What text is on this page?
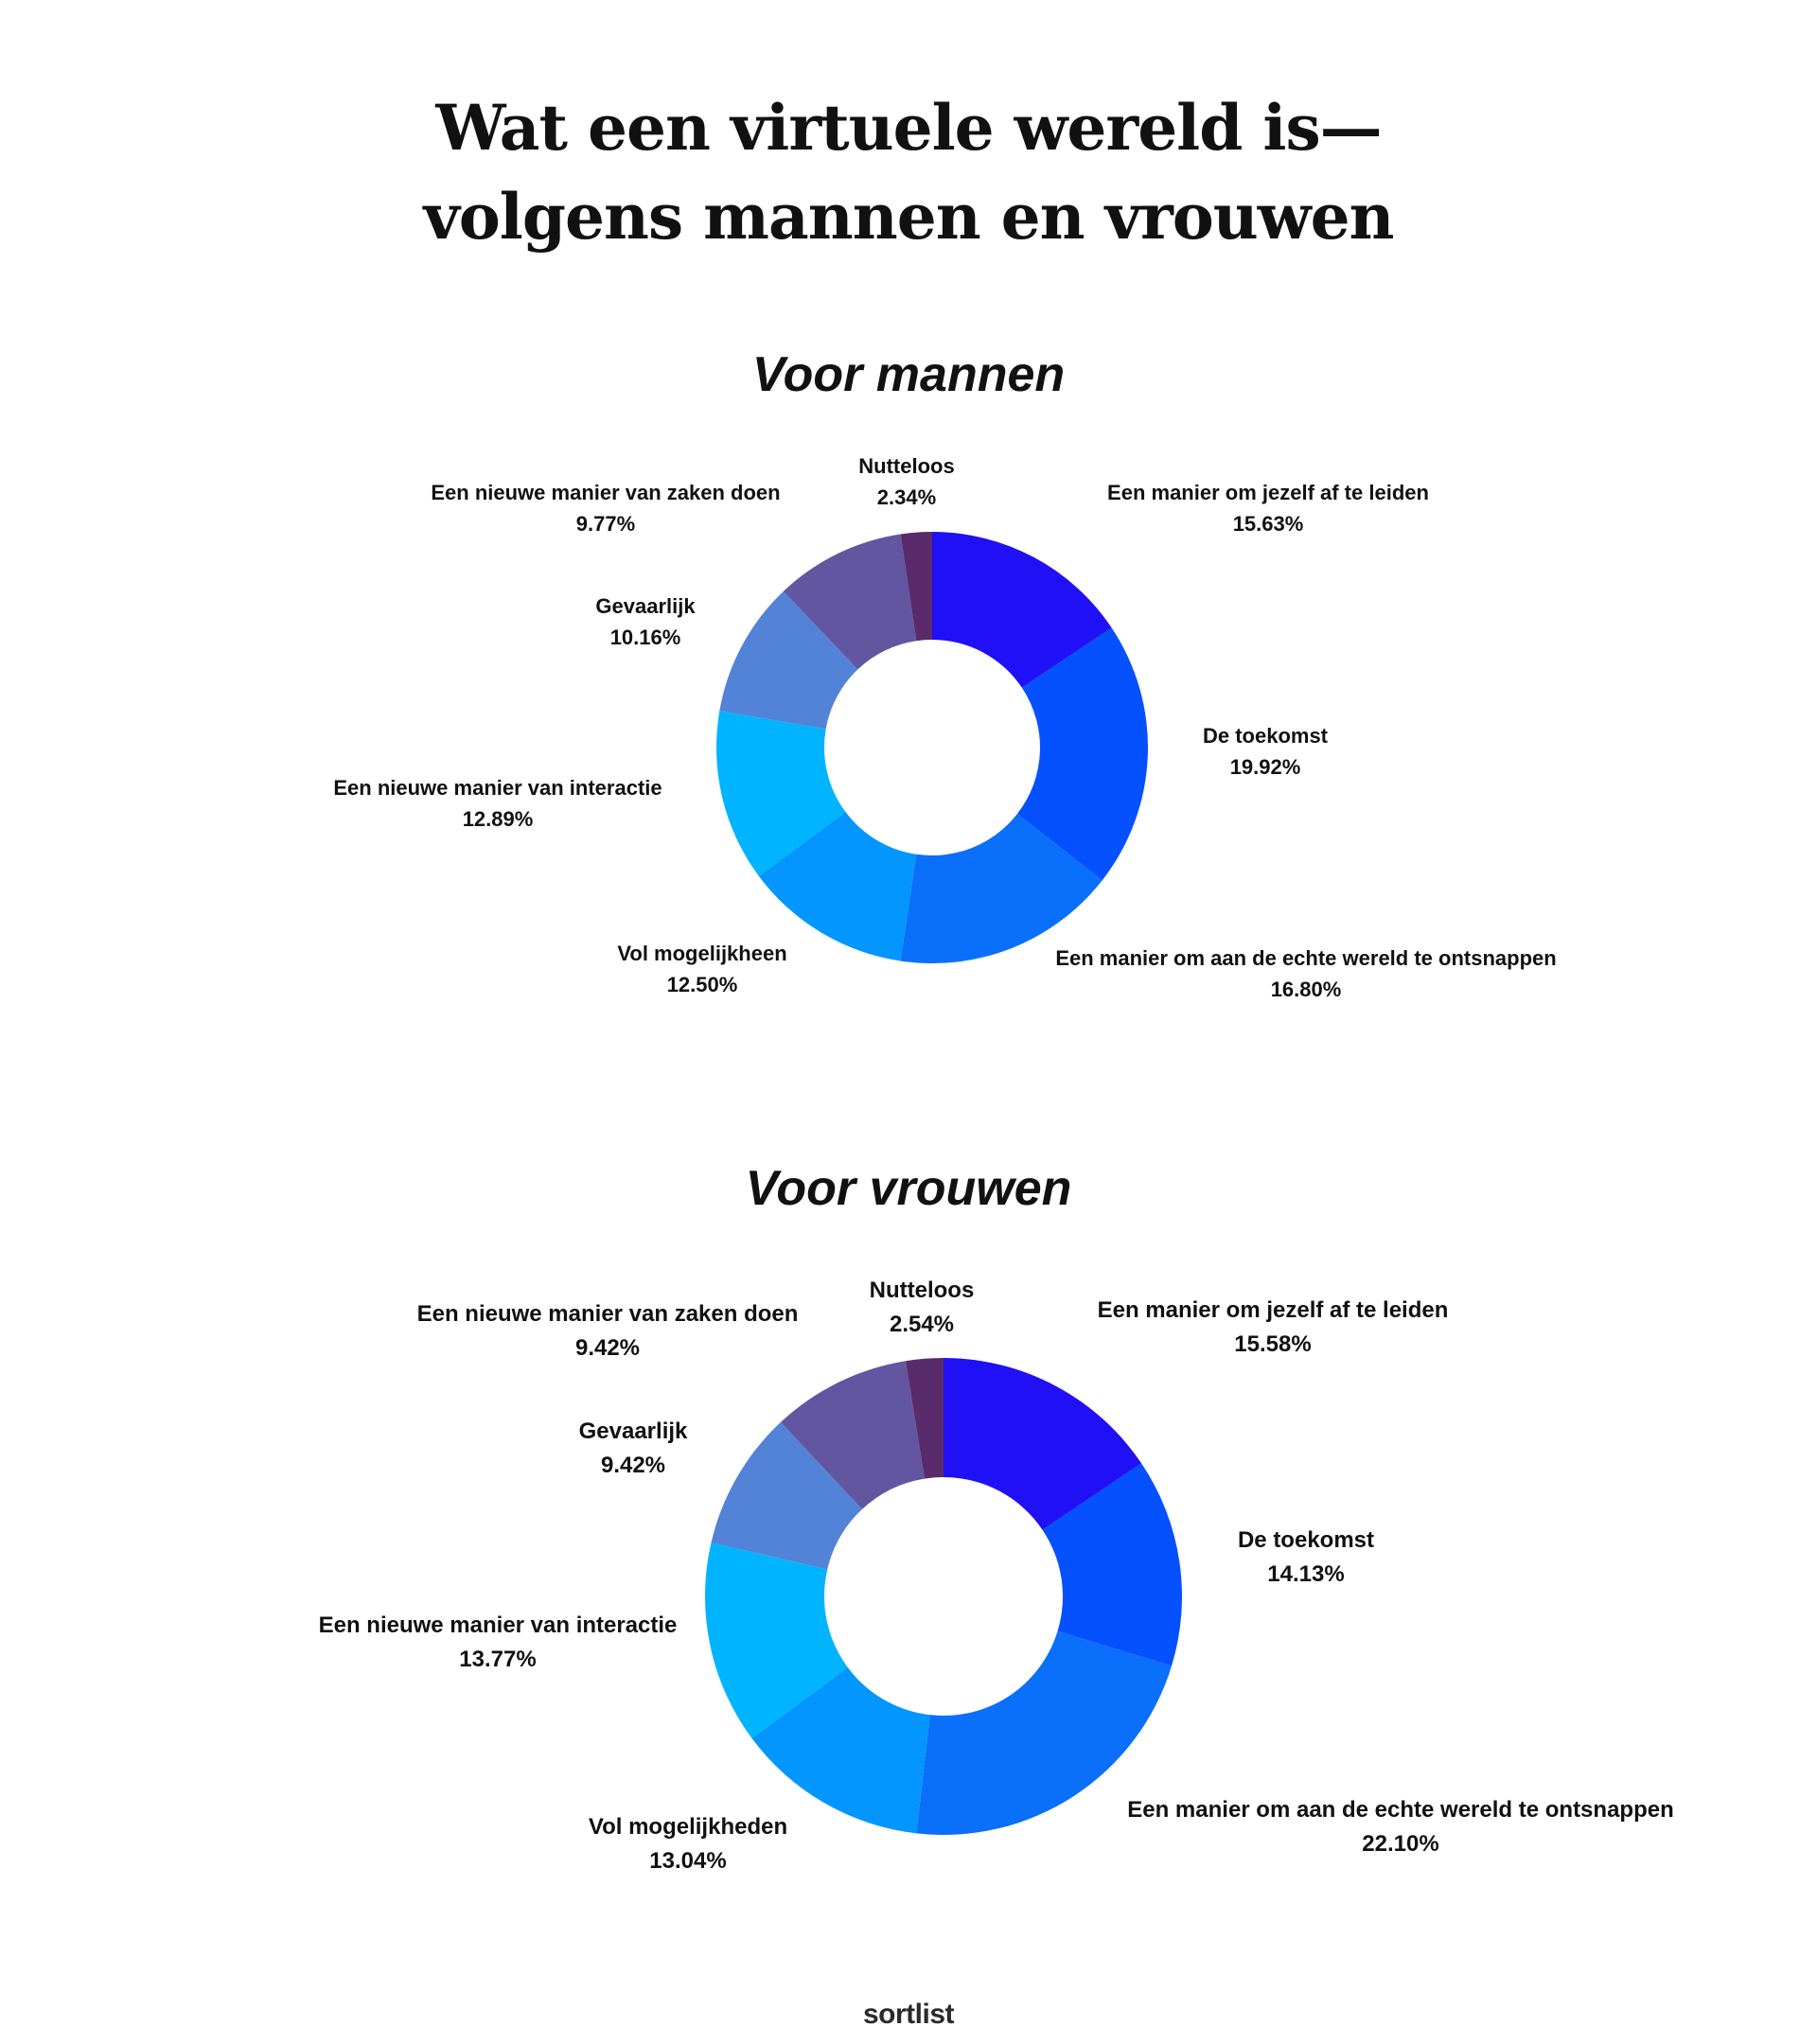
Wat een virtuele wereld is—
volgens mannen en vrouwen
Voor mannen
Een manier om jezelf af te leiden
15.63%
De toekomst
19.92%
Een manier om aan de echte wereld te ontsnappen
16.80%
Vol mogelijkheen
12.50%
Een nieuwe manier van interactie
12.89%
Gevaarlijk
10.16%
Een nieuwe manier van zaken doen
9.77%
Nutteloos
2.34%
Voor vrouwen
Een manier om jezelf af te leiden
15.58%
De toekomst
14.13%
Een manier om aan de echte wereld te ontsnappen
22.10%
Vol mogelijkheden
13.04%
Een nieuwe manier van interactie
13.77%
Gevaarlijk
9.42%
Een nieuwe manier van zaken doen
9.42%
Nutteloos
2.54%
sortlist
